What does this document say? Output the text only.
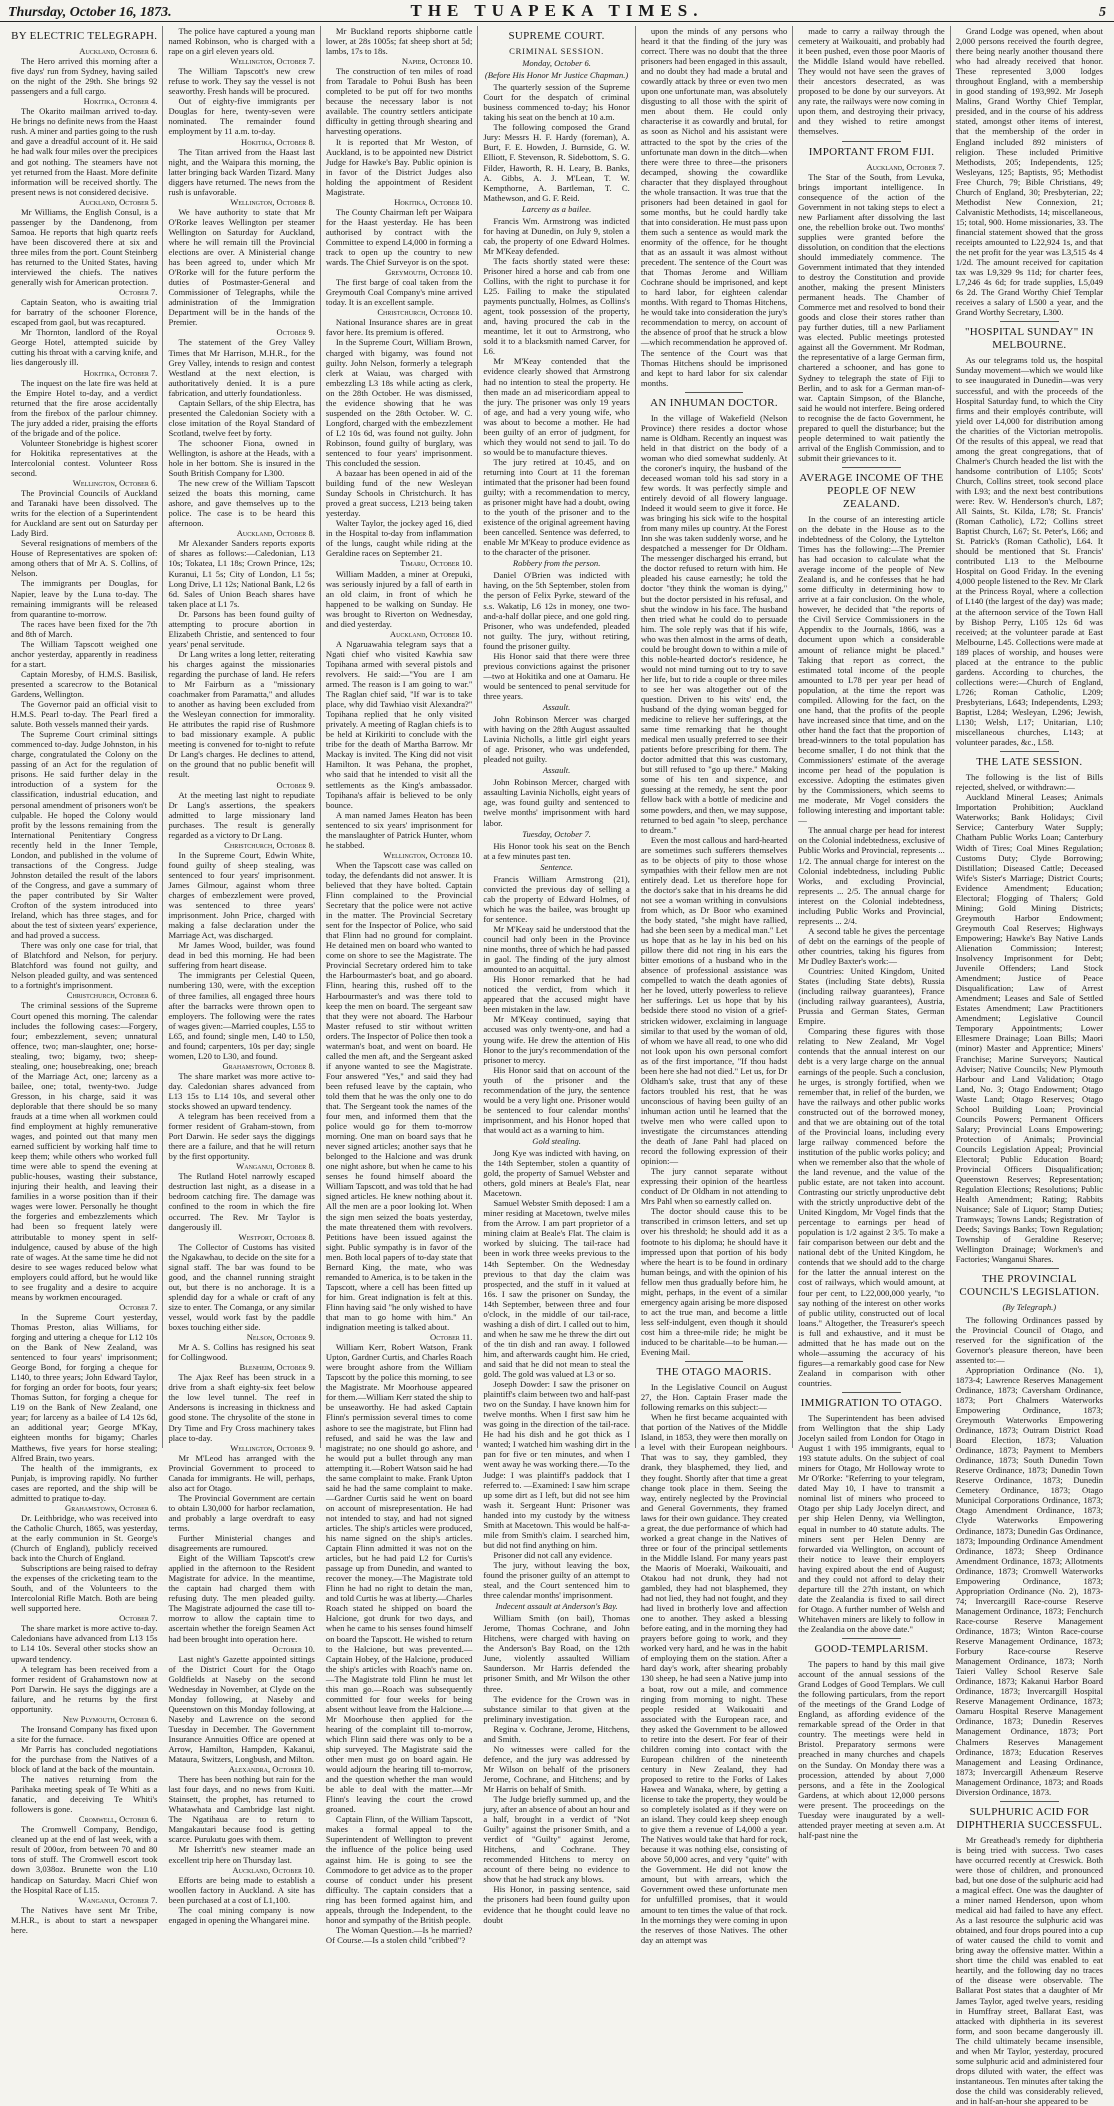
Thursday, October 16, 1873.	THE TUAPEKA TIMES.	5
BY ELECTRIC TELEGRAPH.

Auckland, October 6.

The Hero arrived this morning after a five days' run from Sydney, having sailed on the night of the 29th. She brings 92 passengers and a full cargo.

Hokitika, October 4.

The Okarito mailman arrived to-day. He brings no definite news from the Haast rush. A miner and parties going to the rush and gave a dreadful account of it. He said he had walk four miles over the precipices and got nothing. The steamers have not yet returned from the Haast. More definite information will be received shortly. The present news is not considered decisive.

Auckland, October 5.

Mr Williams, the English Consul, is a passenger by the Dandenong, from Samoa. He reports that high quartz reefs have been discovered there at six and three miles from the port. Count Steinberg has returned to the United States, having interviewed the chiefs. The natives generally wish for American protection.

October 7.

Captain Seaton, who is awaiting trial for barratry of the schooner Florence, escaped from gaol, but was recaptured.

Mr Thornton, landlord of the Royal George Hotel, attempted suicide by cutting his throat with a carving knife, and lies dangerously ill.

Hokitika, October 7.

The inquest on the late fire was held at the Empire Hotel to-day, and a verdict returned that the fire arose accidentally from the firebox of the parlour chimney. The jury added a rider, praising the efforts of the brigade and of the police.

Volunteer Stonebridge is highest scorer for Hokitika representatives at the Intercolonial contest. Volunteer Ross second.

Wellington, October 6.

The Provincial Councils of Auckland and Taranaki have been dissolved. The writs for the election of a Superintendent for Auckland are sent out on Saturday per Lady Bird.

Several resignations of members of the House of Representatives are spoken of: among others that of Mr A. S. Collins, of Nelson.

The immigrants per Douglas, for Napier, leave by the Luna to-day. The remaining immigrants will be released from quarantine to-morrow.

The races have been fixed for the 7th and 8th of March.

The William Tapscott weighed one anchor yesterday, apparently in readiness for a start.

Captain Moresby, of H.M.S. Basilisk, presented a scarecrow to the Botanical Gardens, Wellington.

The Governor paid an official visit to H.M.S. Pearl to-day. The Pearl fired a salute. Both vessels manned their yards.

The Supreme Court criminal sittings commenced to-day. Judge Johnston, in his charge, congratulated the Colony on the passing of an Act for the regulation of prisons. He said further delay in the introduction of a system for the classification, industrial education, and personal amendment of prisoners won't be culpable. He hoped the Colony would profit by the lessons remaining from the International Penitentiary Congress recently held in the Inner Temple, London, and published in the volume of transactions of the Congress. Judge Johnston detailed the result of the labors of the Congress, and gave a summary of the paper contributed by Sir Walter Crofton of the system introduced into Ireland, which has three stages, and for about the test of sixteen years' experience, and had proved a success.

There was only one case for trial, that of Blatchford and Nelson, for perjury. Blatchford was found not guilty, and Nelson pleaded guilty, and was sentenced to a fortnight's imprisonment.

Christchurch, October 6.

The criminal sessions of the Supreme Court opened this morning. The calendar includes the following cases:—Forgery, four; embezzlement, seven; unnatural offence, two; man-slaughter, one; horse-stealing, two; bigamy, two; sheep-stealing, one; housebreaking, one; breach of the Marriage Act, one; larceny as a bailee, one; total, twenty-two. Judge Gresson, in his charge, said it was deplorable that there should be so many frauds at a time when all workmen could find employment at highly remunerative wages, and pointed out that many men earned sufficient by working half time to keep them; while others who worked full time were able to spend the evening at public-houses, wasting their substance, injuring their health, and leaving their families in a worse position than if their wages were lower. Personally he thought the forgeries and embezzlements which had been so frequent lately were attributable to money spent in self-indulgence, caused by abuse of the high rate of wages. At the same time he did not desire to see wages reduced below what employers could afford, but he would like to see frugality and a desire to acquire means by workmen encouraged.

October 7.

In the Supreme Court yesterday, Thomas Preston, alias Williams, for forging and uttering a cheque for L12 10s on the Bank of New Zealand, was sentenced to four years' imprisonment; George Bond, for forging a cheque for L140, to three years; John Edward Taylor, for forging an order for boots, four years; Thomas Sutton, for forging a cheque for L19 on the Bank of New Zealand, one year; for larceny as a bailee of L4 12s 6d, an additional year; George M'Kay, eighteen months for bigamy; Charles Matthews, five years for horse stealing; Alfred Brain, two years.

The health of the immigrants, ex Punjab, is improving rapidly. No further cases are reported, and the ship will be admitted to pratique to-day.

Grahamstown, October 6.

Dr. Leithbridge, who was received into the Catholic Church, 1865, was yesterday, at the early communion in St. George's (Church of England), publicly received back into the Church of England.

Subscriptions are being raised to defray the expenses of the cricketing team to the South, and of the Volunteers to the Intercolonial Rifle Match. Both are being well supported here.

October 7.

The share market is more active to-day. Caledonians have advanced from L13 15s to L14 10s. Several other stocks show an upward tendency.

A telegram has been received from a former resident of Grahamstown now at Port Darwin. He says the diggings are a failure, and he returns by the first opportunity.

New Plymouth, October 6.

The Ironsand Company has fixed upon a site for the furnace.

Mr Parris has concluded negotiations for the purchase from the Natives of a block of land at the back of the mountain.

The natives returning from the Parihaka meeting speak of Te Whiti as a fanatic, and deceiving Te Whiti's followers is gone.

Cromwell, October 6.

The Cromwell Company, Bendigo, cleaned up at the end of last week, with a result of 200oz, from between 70 and 80 tons of stuff. The Cromwell escort took down 3,038oz. Brunette won the L10 handicap on Saturday. Macri Chief won the Hospital Race of L15.

Wanganui, October 7.

The Natives have sent Mr Tribe, M.H.R., is about to start a newspaper here.

The police have captured a young man named Robinson, who is charged with a rape on a girl eleven years old.

Wellington, October 7.

The William Tapscott's new crew refuse to work. They say the vessel is not seaworthy. Fresh hands will be procured.

Out of eighty-five immigrants per Douglas for here, twenty-seven were nominated. The remainder found employment by 11 a.m. to-day.

Hokitika, October 8.

The Titan arrived from the Haast last night, and the Waipara this morning, the latter bringing back Warden Tizard. Many diggers have returned. The news from the rush is unfavorable.

Wellington, October 8.

We have authority to state that Mr O'Rorke leaves Wellington per steamer Wellington on Saturday for Auckland, where he will remain till the Provincial elections are over. A Ministerial change has been agreed to, under which Mr O'Rorke will for the future perform the duties of Postmaster-General and Commissioner of Telegraphs, while the administration of the Immigration Department will be in the hands of the Premier.

October 9.

The statement of the Grey Valley Times that Mr Harrison, M.H.R., for the Grey Valley, intends to resign and contest Westland at the next election, is authoritatively denied. It is a pure fabrication, and utterly foundationless.

Captain Sellars, of the ship Electra, has presented the Caledonian Society with a close imitation of the Royal Standard of Scotland, twelve feet by forty.

The schooner Fiona, owned in Wellington, is ashore at the Heads, with a hole in her bottom. She is insured in the South British Company for L300.

The new crew of the William Tapscott seized the boats this morning, came ashore, and gave themselves up to the police. The case is to be heard this afternoon.

Auckland, October 8.

Mr Alexander Sanders reports exports of shares as follows:—Caledonian, L13 10s; Tokatea, L1 18s; Crown Prince, 12s; Kuranui, L1 5s; City of London, L1 5s; Long Drive, L1 12s; National Bank, L2 6s 6d. Sales of Union Beach shares have taken place at L1 7s.

Dr. Parsons has been found guilty of attempting to procure abortion in Elizabeth Christie, and sentenced to four years' penal servitude.

Dr Lang writes a long letter, reiterating his charges against the missionaries regarding the purchase of land. He refers to Mr Fairburn as a "missionary coachmaker from Paramatta," and alludes to another as having been excluded from the Wesleyan connection for immorality. He attributes the rapid rise of Rushmore to bad missionary example. A public meeting is convened for to-night to refute Dr Lang's charges. He declines to attend, on the ground that no public benefit will result.

October 9.

At the meeting last night to repudiate Dr Lang's assertions, the speakers admitted to large missionary land purchases. The result is generally regarded as a victory to Dr Lang.

Christchurch, October 8.

In the Supreme Court, Edwin White, found guilty of sheep stealing, was sentenced to four years' imprisonment. James Gilmour, against whom three charges of embezzlement were proved, was sentenced to three years' imprisonment. John Price, charged with making a false declaration under the Marriage Act, was discharged.

Mr James Wood, builder, was found dead in bed this morning. He had been suffering from heart disease.

The immigrants per Celestial Queen, numbering 130, were, with the exception of three families, all engaged three hours after the barracks were thrown open to employers. The following were the rates of wages given:—Married couples, L55 to L65, and found; single men, L40 to L50, and found; carpenters, 10s per day; single women, L20 to L30, and found.

Grahamstown, October 8.

The share market was more active to-day. Caledonian shares advanced from L13 15s to L14 10s, and several other stocks showed an upward tendency.

A telegram has been received from a former resident of Graham-stown, from Port Darwin. He seder says the diggings there are a failure, and that he will return by the first opportunity.

Wanganui, October 8.

The Rutland Hotel narrowly escaped destruction last night, as a disease in a bedroom catching fire. The damage was confined to the room in which the fire occurred. The Rev. Mr Taylor is dangerously ill.

Westport, October 8.

The Collector of Customs has visited the Ngakawhau, to decide on the site for a signal staff. The bar was found to be good, and the channel running straight out, but there is no anchorage. It is a splendid day for a whale or craft of any size to enter. The Comanga, or any similar vessel, would work fast by the paddle boxes touching either side.

Nelson, October 9.

Mr A. S. Collins has resigned his seat for Collingwood.

Blenheim, October 9.

The Ajax Reef has been struck in a drive from a shaft eighty-six feet below the low level tunnel. The reef in Andersons is increasing in thickness and good stone. The chrysolite of the stone in Dry Time and Fry Cross machinery takes place to-day.

Wellington, October 9.

Mr M'Leod has arranged with the Provincial Government to proceed to Canada for immigrants. He will, perhaps, also act for Otago.

The Provincial Government are certain to obtain L30,000 for harbor reclamation, and probably a large overdraft to easy terms.

Further Ministerial changes and disagreements are rumoured.

Eight of the William Tapscott's crew applied in the afternoon to the Resident Magistrate for advice. In the meantime, the captain had charged them with refusing duty. The men pleaded guilty. The Magistrate adjourned the case till to-morrow to allow the captain time to ascertain whether the foreign Seamen Act had been brought into operation here.

October 10.

Last night's Gazette appointed sittings of the District Court for the Otago Goldfields at Naseby on the second Wednesday in November, at Clyde on the Monday following, at Naseby and Queenstown on this Monday following, at Naseby and Lawrence on the second Tuesday in December. The Government Insurance Annuities Office are opened at Arrow, Hamilton, Hampden, Kakanui, Mataura, Switzers, Longbush, and Milton.

Alexandra, October 10.

There has been nothing but rain for the last four days, and no news from Kuiti. Stainsett, the prophet, has returned to Whatawhata and Cambridge last night. The Ngatihaua are to return to Mangakautari because food is getting scarce. Purukutu goes with them.

Mr Isherritt's new steamer made an excellent trip here on Thursday last.

Auckland, October 10.

Efforts are being made to establish a woollen factory in Auckland. A site has been purchased at a cost of L1,100.

The coal mining company is now engaged in opening the Whangarei mine.

Mr Buckland reports shipborne cattle lower, at 28s 1005s; fat sheep short at 5d; lambs, 17s to 18s.

Napier, October 10.

The construction of ten miles of road from Taradale to Pohui Bush has been completed to be put off for two months because the necessary labor is not available. The country settlers anticipate difficulty in getting through shearing and harvesting operations.

It is reported that Mr Weston, of Auckland, is to be appointed new District Judge for Hawke's Bay. Public opinion is in favor of the District Judges also holding the appointment of Resident Magistrate.

Hokitika, October 10.

The County Chairman left per Waipara for the Haast yesterday. He has been authorised by contract with the Committee to expend L4,000 in forming a track to open up the country to new wards. The Chief Surveyor is on the spot.

Greymouth, October 10.

The first barge of coal taken from the Greymouth Coal Company's mine arrived today. It is an excellent sample.

Christchurch, October 10.

National Insurance shares are in great favor here. Its premium is offered.

In the Supreme Court, William Brown, charged with bigamy, was found not guilty. John Nelson, formerly a telegraph clerk at Waiau, was charged with embezzling L3 18s while acting as clerk, on the 28th October. He was dismissed, the evidence showing that he was suspended on the 28th October. W. C. Longford, charged with the embezzlement of L2 10s 6d, was found not guilty. John Robinson, found guilty of burglary, was sentenced to four years' imprisonment. This concluded the session.

A bazaar has been opened in aid of the building fund of the new Wesleyan Sunday Schools in Christchurch. It has proved a great success, L213 being taken yesterday.

Walter Taylor, the jockey aged 16, died in the Hospital to-day from inflammation of the lungs, caught while riding at the Geraldine races on September 21.

Timaru, October 10.

William Madden, a miner at Orepuki, was seriously injured by a fall of earth in an old claim, in front of which he happened to be walking on Sunday. He was brought to Riverton on Wednesday, and died yesterday.

Auckland, October 10.

A Ngaruawahia telegram says that a Ngati chief who visited Kawhia saw Topihana armed with several pistols and revolvers. He said:—"You are I am armed. The reason is I am going to war." The Raglan chief said, "If war is to take place, why did Tawhiao visit Alexandra?" Topihana replied that he only visited privately. A meeting of Raglan chiefs is to be held at Kirikiriti to conclude with the tribe for the death of Martha Barrow. Mr Mackay is invited. The King did not visit Hamilton. It was Pehana, the prophet, who said that he intended to visit all the settlements as the King's ambassador. Topihana's affair is believed to be only bounce.

A man named James Heaton has been sentenced to six years' imprisonment for the manslaughter of Patrick Hunter, whom he stabbed.

Wellington, October 10.

When the Tapscott case was called on today, the defendants did not answer. It is believed that they have bolted. Captain Flinn complained to the Provincial Secretary that the police were not active in the matter. The Provincial Secretary sent for the Inspector of Police, who said that Flinn had no ground for complaint. He detained men on board who wanted to come on shore to see the Magistrate. The Provincial Secretary ordered him to take the Harbourmaster's boat, and go aboard. Flinn, hearing this, rushed off to the Harbourmaster's and was there told to keep the men on board. The sergeant saw that they were not aboard. The Harbour Master refused to stir without written orders. The Inspector of Police then took a waterman's boat, and went on board. He called the men aft, and the Sergeant asked if anyone wanted to see the Magistrate. Four answered "Yes," and said they had been refused leave by the captain, who told them that he was the only one to do that. The Sergeant took the names of the four men, and informed them that the police would go for them to-morrow morning. One man on board says that he never signed articles; another says that he belonged to the Halcione and was drunk one night ashore, but when he came to his senses he found himself aboard the William Tapscott, and was told that he had signed articles. He knew nothing about it. All the men are a poor looking lot. When the sign men seized the boats yesterday, the mate threatened them with revolvers. Petitions have been issued against the sight. Public sympathy is in favor of the men. Both local papers of to-day state that Bernard King, the mate, who was remanded to America, is to be taken in the Tapscott, where a cell has been fitted up for him. Great indignation is felt at this. Flinn having said "he only wished to have that man to go home with him." An indignation meeting is talked about.

October 11.

William Kerr, Robert Watson, Frank Upton, Gardner Curtis, and Charles Roach were brought ashore from the William Tapscott by the police this morning, to see the Magistrate. Mr Moorhouse appeared for them.—William Kerr stated the ship to be unseaworthy. He had asked Captain Flinn's permission several times to come ashore to see the magistrate, but Flinn had refused, and said he was the law and magistrate; no one should go ashore, and he would put a bullet through any man attempting it.—Robert Watson said he had the same complaint to make. Frank Upton said he had the same complaint to make.—Gardner Curtis said he went on board on account of misrepresentation. He had not intended to stay, and had not signed articles. The ship's articles were produced, his name signed on the ship's articles. Captain Flinn admitted it was not on the articles, but he had paid L2 for Curtis's passage up from Dunedin, and wanted to recover the money.—The Magistrate told Flinn he had no right to detain the man, and told Curtis he was at liberty.—Charles Roach stated he shipped on board the Halcione, got drunk for two days, and when he came to his senses found himself on board the Tapscott. He wished to return to the Halcione, but was prevented.—Captain Hobey, of the Halcione, produced the ship's articles with Roach's name on.—The Magistrate told Flinn he must let this man go.—Roach was subsequently committed for four weeks for being absent without leave from the Halcione.—Mr Moorhouse then applied for the hearing of the complaint till to-morrow, which Flinn said there was only to be a ship surveyed. The Magistrate said the other men must go on board again. He would adjourn the hearing till to-morrow, and the question whether the man would be able to deal with the matter.—Mr Flinn's leaving the court the crowd groaned.

Captain Flinn, of the William Tapscott, makes a formal appeal to the Superintendent of Wellington to prevent the influence of the police being used against him. He is going to see the Commodore to get advice as to the proper course of conduct under his present difficulty. The captain considers that a ring has been formed against him, and appeals, through the Independent, to the honor and sympathy of the British people.

The Woman Question.—Is he married? Of Course.—Is a stolen child "cribbed"?

SUPREME COURT.
CRIMINAL SESSION.
Monday, October 6.
(Before His Honor Mr Justice Chapman.)

The quarterly session of the Supreme Court for the despatch of criminal business commenced to-day; his Honor taking his seat on the bench at 10 a.m.

The following composed the Grand Jury: Messrs H. F. Hardy (foreman), A. Burt, F. E. Howden, J. Burnside, G. W. Elliott, F. Stevenson, R. Sidebottom, S. G. Filder, Haworth, R. H. Leary, B. Banks, A. Gibbs, A. J. M'Lean, T. W. Kempthorne, A. Bartleman, T. C. Mathewson, and G. F. Reid.

Larceny as a bailee.

Francis Wm. Armstrong was indicted for having at Dunedin, on July 9, stolen a cab, the property of one Edward Holmes. Mr M'Keay defended.

The facts shortly stated were these: Prisoner hired a horse and cab from one Collins, with the right to purchase it for L25. Failing to make the stipulated payments punctually, Holmes, as Collins's agent, took possession of the property, and, having procured the cab in the meantime, let it out to Armstrong, who sold it to a blacksmith named Carver, for L6.

Mr M'Keay contended that the evidence clearly showed that Armstrong had no intention to steal the property. He then made an ad misericordiam appeal to the jury. The prisoner was only 19 years of age, and had a very young wife, who was about to become a mother. He had been guilty of an error of judgment, for which they would not send to jail. To do so would be to manufacture thieves.

The jury retired at 10.45, and on returning into Court at 11 the foreman intimated that the prisoner had been found guilty; with a recommendation to mercy, as prisoner might have had a doubt, owing to the youth of the prisoner and to the existence of the original agreement having been cancelled. Sentence was deferred, to enable Mr M'Keay to produce evidence as to the character of the prisoner.

Robbery from the person.

Daniel O'Brien was indicted with having, on the 5th September, stolen from the person of Felix Pyrke, steward of the s.s. Wakatip, L6 12s in money, one two-and-a-half dollar piece, and one gold ring. Prisoner, who was undefended, pleaded not guilty. The jury, without retiring, found the prisoner guilty.

His Honor said that there were three previous convictions against the prisoner—two at Hokitika and one at Oamaru. He would be sentenced to penal servitude for three years.

Assault.

John Robinson Mercer was charged with having on the 28th August assaulted Lavinia Nicholls, a little girl eight years of age. Prisoner, who was undefended, pleaded not guilty.

Assault.

John Robinson Mercer, charged with assaulting Lavinia Nicholls, eight years of age, was found guilty and sentenced to twelve months' imprisonment with hard labor.

Tuesday, October 7.

His Honor took his seat on the Bench at a few minutes past ten.

Sentence.

Francis William Armstrong (21), convicted the previous day of selling a cab the property of Edward Holmes, of which he was the bailee, was brought up for sentence.

Mr M'Keay said he understood that the council had only been in the Province nine months, three of which he had passed in gaol. The finding of the jury almost amounted to an acquittal.

His Honor remarked that he had noticed the verdict, from which it appeared that the accused might have been mistaken in the law.

Mr M'Keay continued, saying that accused was only twenty-one, and had a young wife. He drew the attention of His Honor to the jury's recommendation of the prisoner to mercy.

His Honor said that on account of the youth of the prisoner and the recommendation of the jury, the sentence would be a very light one. Prisoner would be sentenced to four calendar months' imprisonment, and his Honor hoped that that would act as a warning to him.

Gold stealing.

Jong Kye was indicted with having, on the 14th September, stolen a quantity of gold, the property of Samuel Webster and others, gold miners at Beale's Flat, near Macetown.

Samuel Webster Smith deposed: I am a miner residing at Macetown, twelve miles from the Arrow. I am part proprietor of a mining claim at Beale's Flat. The claim is worked by sluicing. The tail-race had been in work three weeks previous to the 14th September. On the Wednesday previous to that day the claim was prospected, and the stuff in it valued at 16s. I saw the prisoner on Sunday, the 14th September, between three and four o'clock, in the middle of our tail-race, washing a dish of dirt. I called out to him, and when he saw me he threw the dirt out of the tin dish and ran away. I followed him, and afterwards caught him. He cried, and said that he did not mean to steal the gold. The gold was valued at L3 or so.

Joseph Dowder: I saw the prisoner on plaintiff's claim between two and half-past two on the Sunday. I have known him for twelve months. When I first saw him he was going in the direction of the tail-race. He had his dish and he got thick as I wanted; I watched him washing dirt in the pan for five or ten minutes, and when I went away he was working there.—To the Judge: I was plaintiff's paddock that I referred to. —Examined: I saw him scrape up some dirt as I left, but did not see him wash it. Sergeant Hunt: Prisoner was handed into my custody by the witness Smith at Macetown. This would be half-a-mile from Smith's claim. I searched him, but did not find anything on him.

Prisoner did not call any evidence.

The jury, without leaving the box, found the prisoner guilty of an attempt to steal, and the Court sentenced him to three calendar months' imprisonment.

Indecent assault at Anderson's Bay.

William Smith (on bail), Thomas Jerome, Thomas Cochrane, and John Hitchens, were charged with having on the Anderson's Bay Road, on the 12th June, violently assaulted William Saunderson. Mr Harris defended the prisoner Smith, and Mr Wilson the other three.

The evidence for the Crown was in substance similar to that given at the preliminary investigation.

Regina v. Cochrane, Jerome, Hitchens, and Smith.

No witnesses were called for the defence, and the jury was addressed by Mr Wilson on behalf of the prisoners Jerome, Cochrane, and Hitchens; and by Mr Harris on behalf of Smith.

The Judge briefly summed up, and the jury, after an absence of about an hour and a half, brought in a verdict of "Not Guilty" against the prisoner Smith, and a verdict of "Guilty" against Jerome, Hitchens, and Cochrane. They recommended Hitchens to mercy on account of there being no evidence to show that he had struck any blows.

His Honor, in passing sentence, said the prisoners had been found guilty upon evidence that he thought could leave no doubt

upon the minds of any persons who heard it that the finding of the jury was correct. There was no doubt that the three prisoners had been engaged in this assault, and no doubt they had made a brutal and cowardly attack by three or even two men upon one unfortunate man, was absolutely disgusting to all those with the spirit of men about them. He could only characterise it as cowardly and brutal, for as soon as Nichol and his assistant were attracted to the spot by the cries of the unfortunate man down in the ditch—when there were three to three—the prisoners decamped, showing the cowardlike character that they displayed throughout the whole transaction. It was true that the prisoners had been detained in gaol for some months, but he could hardly take that into consideration. He must pass upon them such a sentence as would mark the enormity of the offence, for he thought that as an assault it was almost without precedent. The sentence of the Court was that Thomas Jerome and William Cochrane should be imprisoned, and kept to hard labor, for eighteen calendar months. With regard to Thomas Hitchens, he would take into consideration the jury's recommendation to mercy, on account of the absence of proof that he struck a blow—which recommendation he approved of. The sentence of the Court was that Thomas Hitchens should be imprisoned and kept to hard labor for six calendar months.

AN INHUMAN DOCTOR.

In the village of Wakefield (Nelson Province) there resides a doctor whose name is Oldham. Recently an inquest was held in that district on the body of a woman who died somewhat suddenly. At the coroner's inquiry, the husband of the deceased woman told his sad story in a few words. It was perfectly simple and entirely devoid of all flowery language. Indeed it would seem to give it force. He was bringing his sick wife to the hospital from many miles up country. At the Forest Inn she was taken suddenly worse, and he despatched a messenger for Dr Oldham. The messenger discharged his errand, but the doctor refused to return with him. He pleaded his cause earnestly; he told the doctor "they think the woman is dying," but the doctor persisted in his refusal, and shut the window in his face. The husband then tried what he could do to persuade him. The sole reply was that if his wife, who was then almost in the arms of death, could be brought down to within a mile of this noble-hearted doctor's residence, he would not mind turning out to try to save her life, but to ride a couple or three miles to see her was altogether out of the question. Driven to his wits' end, the husband of the dying woman begged for medicine to relieve her sufferings, at the same time remarking that he thought medical men usually preferred to see their patients before prescribing for them. The doctor admitted that this was customary, but still refused to "go up there." Making some of his ten and sixpence, and guessing at the remedy, he sent the poor fellow back with a bottle of medicine and some powders, and then, we may suppose, returned to bed again "to sleep, perchance to dream."

Even the most callous and hard-hearted are sometimes such sufferers themselves as to be objects of pity to those whose sympathies with their fellow men are not entirely dead. Let us therefore hope for the doctor's sake that in his dreams he did not see a woman writhing in convulsions from which, as Dr Boor who examined the body stated, "she might have rallied, had she been seen by a medical man." Let us hope that as he lay in his bed on his pillow there did not ring in his ears the bitter emotions of a husband who in the absence of professional assistance was compelled to watch the death agonies of her he loved, utterly powerless to relieve her sufferings. Let us hope that by his bedside there stood no vision of a grief-stricken widower, exclaiming in language similar to that used by the woman of old, of whom we have all read, to one who did not look upon his own personal comfort as of the first importance, "If thou hadst been here she had not died." Let us, for Dr Oldham's sake, trust that any of these factors troubled his rest, that he was unconscious of having been guilty of an inhuman action until he learned that the twelve men who were called upon to investigate the circumstances attending the death of Jane Pahl had placed on record the following expression of their opinion:—

The jury cannot separate without expressing their opinion of the heartless conduct of Dr Oldham in not attending to Mrs Pahl when so earnestly called on.

The doctor should cause this to be transcribed in crimson letters, and set up over his threshold; he should add it as a footnote to his diploma; he should have it impressed upon that portion of his body where the heart is to be found in ordinary human beings, and with the opinion of his fellow men thus gradually before him, he might, perhaps, in the event of a similar emergency again arising be more disposed to act the true man, and become a little less self-indulgent, even though it should cost him a three-mile ride; he might be induced to be charitable—to be human.—Evening Mail.

THE OTAGO MAORIS.

In the Legislative Council on August 27, the Hon. Captain Fraser made the following remarks on this subject:—

When he first became acquainted with that portion of the Natives of the Middle Island, in 1853, they were then morally on a level with their European neighbours. That was to say, they gambled, they drank, they blasphemed, they lied, and they fought. Shortly after that time a great change took place in them. Seeing the way, entirely neglected by the Provincial and General Governments, they framed laws for their own guidance. They created a great, the due performance of which had worked a great change in the Natives of three or four of the principal settlements in the Middle Island. For many years past the Maoris of Moeraki, Waikouaiti, and Otakou had not drunk, they had not gambled, they had not blasphemed, they had not lied, they had not fought, and they had lived in brotherly love and affection one to another. They asked a blessing before eating, and in the morning they had prayers before going to work, and they worked very hard, and he was in the habit of employing them on the station. After a hard day's work, after shearing probably 130 sheep, he had seen a Native jump into a boat, row out a mile, and commence ringing from morning to night. These people resided at Waikouaiti and associated with the European race, and they asked the Government to be allowed to retire into the desert. For fear of their children coming into contact with the European children of the nineteenth century in New Zealand, they had proposed to retire to the Forks of Lakes Hawea and Wanaka, where, by getting a license to take the property, they would be so completely isolated as if they were on an island. They could keep sheep enough to give them a revenue of L4,000 a year. The Natives would take that hard for rock, because it was nothing else, consisting of above 50,000 acres, and very "quite" with the Government. He did not know the amount, but with arrears, which the Government owed these unfortunate men for unfulfilled promises, that it would amount to ten times the value of that rock. In the mornings they were coming in upon the reserves of those Natives. The other day an attempt was

made to carry a railway through the cemetery at Waikouaiti, and probably had it been pushed, even those poor Maoris of the Middle Island would have rebelled. They would not have seen the graves of their ancestors desecrated, as was proposed to be done by our surveyors. At any rate, the railways were now coming in upon them, and destroying their privacy, and they wished to retire amongst themselves.

IMPORTANT FROM FIJI.

Auckland, October 7.

The Star of the South, from Levuka, brings important intelligence. In consequence of the action of the Government in not taking steps to elect a new Parliament after dissolving the last one, the rebellion broke out. Two months' supplies were granted before the dissolution, on condition that the elections should immediately commence. The Government intimated that they intended to destroy the Constitution and provide another, making the present Ministers permanent heads. The Chamber of Commerce met and resolved to bond their goods and close their stores rather than pay further duties, till a new Parliament was elected. Public meetings protested against all the Government. Mr Rodman, the representative of a large German firm, chartered a schooner, and has gone to Sydney to telegraph the state of Fiji to Berlin, and to ask for a German man-of-war. Captain Simpson, of the Blanche, said he would not interfere. Being ordered to recognise the de facto Government, he prepared to quell the disturbance; but the people determined to wait patiently the arrival of the English Commission, and to submit their grievances to it.

AVERAGE INCOME OF THE PEOPLE OF NEW ZEALAND.

In the course of an interesting article on the debate in the House as to the indebtedness of the Colony, the Lyttelton Times has the following:—The Premier has had occasion to calculate what the average income of the people of New Zealand is, and he confesses that he had some difficulty in determining how to arrive at a fair conclusion. On the whole, however, he decided that "the reports of the Civil Service Commissioners in the Appendix to the Journals, 1866, was a document upon which a considerable amount of reliance might be placed." Taking that report as correct, the estimated total income of the people amounted to L78 per year per head of population, at the time the report was compiled. Allowing for the fact, on the one hand, that the profits of the people have increased since that time, and on the other hand the fact that the proportion of bread-winners to the total population has become smaller, I do not think that the Commissioners' estimate of the average income per head of the population is excessive. Adopting the estimates given by the Commissioners, which seems to me moderate, Mr Vogel considers the following interesting and important table:—

The annual charge per head for interest on the Colonial indebtedness, exclusive of Public Works and Provincial, represents ... 1/2. The annual charge for interest on the Colonial indebtedness, including Public Works, and excluding Provincial, represents ... 2/5. The annual charge for interest on the Colonial indebtedness, including Public Works and Provincial, represents ... 2/4.

A second table he gives the percentage of debt on the earnings of the people of other countries, taking his figures from Mr Dudley Baxter's work:—

Countries: United Kingdom, United States (including State debts), Russia (including railway guarantees), France (including railway guarantees), Austria, Prussia and German States, German Empire.

Comparing these figures with those relating to New Zealand, Mr Vogel contends that the annual interest on our debt is a very large charge on the annual earnings of the people. Such a conclusion, he urges, is strongly fortified, when we remember that, in relief of the burden, we have the railways and other public works constructed out of the borrowed money, and that we are obtaining out of the total of the Provincial loans, including every large railway commenced before the institution of the public works policy; and when we remember also that the whole of the land revenue, and the value of the public estate, are not taken into account. Contrasting our strictly unproductive debt with the strictly unproductive debt of the United Kingdom, Mr Vogel finds that the percentage to earnings per head of population is 1/2 against 2 3/5. To make a fair comparison between our debt and the national debt of the United Kingdom, he contends that we should add to the charge for the latter the annual interest on the cost of railways, which would amount, at four per cent, to L22,000,000 yearly, "to say nothing of the interest on other works of public utility, constructed out of local loans." Altogether, the Treasurer's speech is full and exhaustive, and it must be admitted that he has made out on the whole—assuming the accuracy of his figures—a remarkably good case for New Zealand in comparison with other countries.

IMMIGRATION TO OTAGO.

The Superintendent has been advised from Wellington that the ship Lady Jocelyn sailed from London for Otago in August 1 with 195 immigrants, equal to 193 statute adults. On the subject of coal miners for Otago, Mr Holloway wrote to Mr O'Rorke: "Referring to your telegram, dated May 10, I have to transmit a nominal list of miners who proceed to Otago per ship Lady Jocelyn direct, and per ship Helen Denny, via Wellington, equal in number to 40 statute adults. The miners sent per Helen Denny are forwarded via Wellington, on account of their notice to leave their employers having expired about the end of August; and they could not afford to delay their departure till the 27th instant, on which date the Zealandia is fixed to sail direct for Otago. A further number of Welsh and Whitehaven miners are likely to follow in the Zealandia on the above date."

GOOD-TEMPLARISM.

The papers to hand by this mail give account of the annual sessions of the Grand Lodges of Good Templars. We cull the following particulars, from the report of the meetings of the Grand Lodge of England, as affording evidence of the remarkable spread of the Order in that country. The meetings were held in Bristol. Preparatory sermons were preached in many churches and chapels on the Sunday. On Monday there was a procession, attended by about 7,000 persons, and a fête in the Zoological Gardens, at which about 12,000 persons were present. The proceedings on the Tuesday were inaugurated by a well-attended prayer meeting at seven a.m. At half-past nine the

Grand Lodge was opened, when about 2,000 persons received the fourth degree, there being nearly another thousand there who had already received that honor. These represented 3,000 lodges throughout England, with a membership in good standing of 193,992. Mr Joseph Malins, Grand Worthy Chief Templar, presided, and in the course of his address stated, amongst other items of interest, that the membership of the order in England included 892 ministers of religion. These included Primitive Methodists, 205; Independents, 125; Wesleyans, 125; Baptists, 95; Methodist Free Church, 79; Bible Christians, 49; Church of England, 30; Presbyterian, 22; Methodist New Connexion, 21; Calvanistic Methodists, 14; miscellaneous, 15; total, 900. Home missionaries, 33. The financial statement showed that the gross receipts amounted to L22,924 1s, and that the net profit for the year was L3,515 4s 4 1/2d. The amount received for capitation tax was L9,329 9s 11d; for charter fees, L7,246 4s 6d; for trade supplies, L5,049 6s 2d. The Grand Worthy Chief Templar receives a salary of L500 a year, and the Grand Worthy Secretary, L300.

"HOSPITAL SUNDAY" IN MELBOURNE.

As our telegrams told us, the hospital Sunday movement—which we would like to see inaugurated in Dunedin—was very successful, and with the proceeds of the Hospital Saturday fund, to which the City firms and their employés contribute, will yield over L4,000 for distribution among the charities of the Victorian metropolis. Of the results of this appeal, we read that among the great congregations, that of Chalmer's Church headed the list with the handsome contribution of L105; Scots' Church, Collins street, took second place with L93; and the next best contributions were: Rev. W. Henderson's church, L87; All Saints, St. Kilda, L78; St. Francis' (Roman Catholic), L72; Collins street Baptist Church, L67; St. Peter's, L66; and St. Patrick's (Roman Catholic), L64. It should be mentioned that St. Francis' contributed L13 to the Melbourne Hospital on Good Friday. In the evening 4,000 people listened to the Rev. Mr Clark at the Princess Royal, where a collection of L140 (the largest of the day) was made; at the afternoon service of the Town Hall by Bishop Perry, L105 12s 6d was received; at the volunteer parade at East Melbourne, L45. Collections were made at 189 places of worship, and houses were placed at the entrance to the public gardens. According to churches, the collections were:—Church of England, L726; Roman Catholic, L209; Presbyterians, L643; Independents, L293; Baptist, L284; Wesleyan, L296; Jewish, L130; Welsh, L17; Unitarian, L10; miscellaneous churches, L143; at volunteer parades, &c., L58.

THE LATE SESSION.

The following is the list of Bills rejected, shelved, or withdrawn:—

Auckland Mineral Leases; Animals Importation Prohibition; Auckland Waterworks; Bank Holidays; Civil Service; Canterbury Water Supply; Chatham Public Works Loan; Canterbury Width of Tires; Coal Mines Regulation; Customs Duty; Clyde Borrowing; Distillation; Diseased Cattle; Deceased Wife's Sister's Marriage; District Courts; Evidence Amendment; Education; Electoral; Flogging of Thalers; Gold Mining; Gold Mining Districts; Greymouth Harbor Endowment; Greymouth Coal Reserves; Highways Empowering; Hawke's Bay Native Lands Alienation Commission; Interest; Insolvency Imprisonment for Debt; Juvenile Offenders; Land Stock Amendment; Justice of Peace Disqualification; Law of Arrest Amendment; Leases and Sale of Settled Estates Amendment; Law Practitioners Amendment; Legislative Council Temporary Appointments; Lower Ellesmere Drainage; Loan Bills; Maori (minor) Master and Apprentice; Miners' Franchise; Marine Surveyors; Nautical Adviser; Native Councils; New Plymouth Harbour and Land Validation; Otago Land, No. 3; Otago Endowment; Otago Waste Land; Otago Reserves; Otago School Building Loan; Provincial Councils Powers; Permanent Officers Salary; Provincial Loans Empowering; Protection of Animals; Provincial Councils Legislation Appeal; Provincial Electoral; Public Education Board; Provincial Officers Disqualification; Queenstown Reserves; Representation; Regulation Elections; Resolutions; Public Health Amendment; Rating; Rabbits Nuisance; Sale of Liquor; Stamp Duties; Tramways; Towns Lands; Registration of Deeds; Savings Banks; Town Regulation; Township of Geraldine Reserve; Wellington Drainage; Workmen's and Factories; Wanganui Shares.

THE PROVINCIAL COUNCIL'S LEGISLATION.
(By Telegraph.)

The following Ordinances passed by the Provincial Council of Otago, and reserved for the signification of the Governor's pleasure thereon, have been assented to:—

Appropriation Ordinance (No. 1), 1873-4; Lawrence Reserves Management Ordinance, 1873; Caversham Ordinance, 1873; Port Chalmers Waterworks Empowering Ordinance, 1873; Greymouth Waterworks Empowering Ordinance, 1873; Outram District Road Board Election, 1873; Valuation Ordinance, 1873; Payment to Members Ordinance, 1873; South Dunedin Town Reserve Ordinance, 1873; Dunedin Town Reserve Ordinance, 1873; Dunedin Cemetery Ordinance, 1873; Otago Municipal Corporations Ordinance, 1873; Otago Amendment Ordinance, 1873; Clyde Waterworks Empowering Ordinance, 1873; Dunedin Gas Ordinance, 1873; Impounding Ordinance Amendment Ordinance, 1873; Sheep Ordinance Amendment Ordinance, 1873; Allotments Ordinance, 1873; Cromwell Waterworks Empowering Ordinance, 1873; Appropriation Ordinance (No. 2), 1873-74; Invercargill Race-course Reserve Management Ordinance, 1873; Fenchurch Race-course Reserve Management Ordinance, 1873; Winton Race-course Reserve Management Ordinance, 1873; Forbury Race-course Reserve Management Ordinance, 1873; North Taieri Valley School Reserve Sale Ordinance, 1873; Kakanui Harbor Board Ordinance, 1873; Invercargill Hospital Reserve Management Ordinance, 1873; Oamaru Hospital Reserve Management Ordinance, 1873; Dunedin Reserves Management Ordinance, 1873; Port Chalmers Reserves Management Ordinance, 1873; Education Reserves Management and Leasing Ordinance, 1873; Invercargill Athenæum Reserve Management Ordinance, 1873; and Roads Diversion Ordinance, 1873.

SULPHURIC ACID FOR DIPHTHERIA SUCCESSFUL.

Mr Greathead's remedy for diphtheria is being tried with success. Two cases have occurred recently at Creswick. Both were those of children, and pronounced bad, but one dose of the sulphuric acid had a magical effect. One was the daughter of a miner named Henderson, upon whom medical aid had failed to have any effect. As a last resource the sulphuric acid was obtained, and four drops poured into a cup of water caused the child to vomit and bring away the offensive matter. Within a short time the child was enabled to eat heartily, and the following day no traces of the disease were observable. The Ballarat Post states that a daughter of Mr James Taylor, aged twelve years, residing in Humffray street, Ballarat East, was attacked with diphtheria in its severest form, and soon became dangerously ill. The child ultimately became insensible, and when Mr Taylor, yesterday, procured some sulphuric acid and administered four drops diluted with water, the effect was instantaneous. Ten minutes after taking the dose the child was considerably relieved, and in half-an-hour she appeared to be
